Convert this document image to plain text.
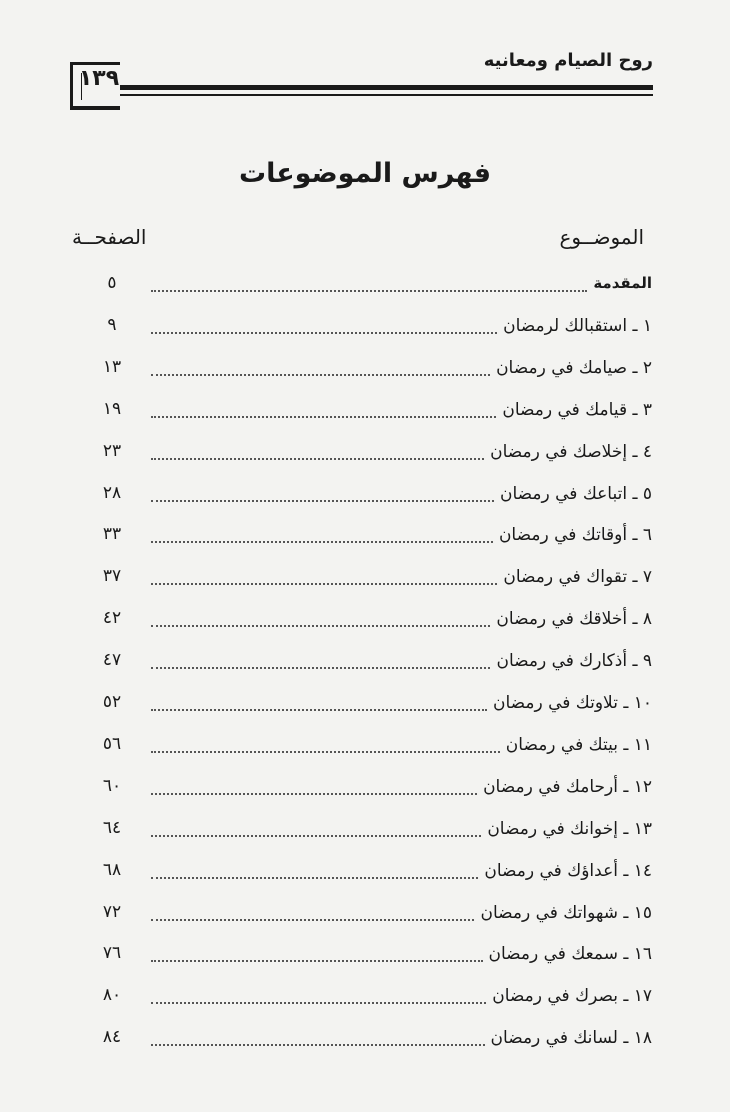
١٣٩
روح الصيام ومعانيه
فهرس الموضوعات
الموضــوع
الصفحــة
المقدمة
٥
١ ـ استقبالك لرمضان
٩
٢ ـ صيامك في رمضان
١٣
٣ ـ قيامك في رمضان
١٩
٤ ـ إخلاصك في رمضان
٢٣
٥ ـ اتباعك في رمضان
٢٨
٦ ـ أوقاتك في رمضان
٣٣
٧ ـ تقواك في رمضان
٣٧
٨ ـ أخلاقك في رمضان
٤٢
٩ ـ أذكارك في رمضان
٤٧
١٠ ـ تلاوتك في رمضان
٥٢
١١ ـ بيتك في رمضان
٥٦
١٢ ـ أرحامك في رمضان
٦٠
١٣ ـ إخوانك في رمضان
٦٤
١٤ ـ أعداؤك في رمضان
٦٨
١٥ ـ شهواتك في رمضان
٧٢
١٦ ـ سمعك في رمضان
٧٦
١٧ ـ بصرك في رمضان
٨٠
١٨ ـ لسانك في رمضان
٨٤
